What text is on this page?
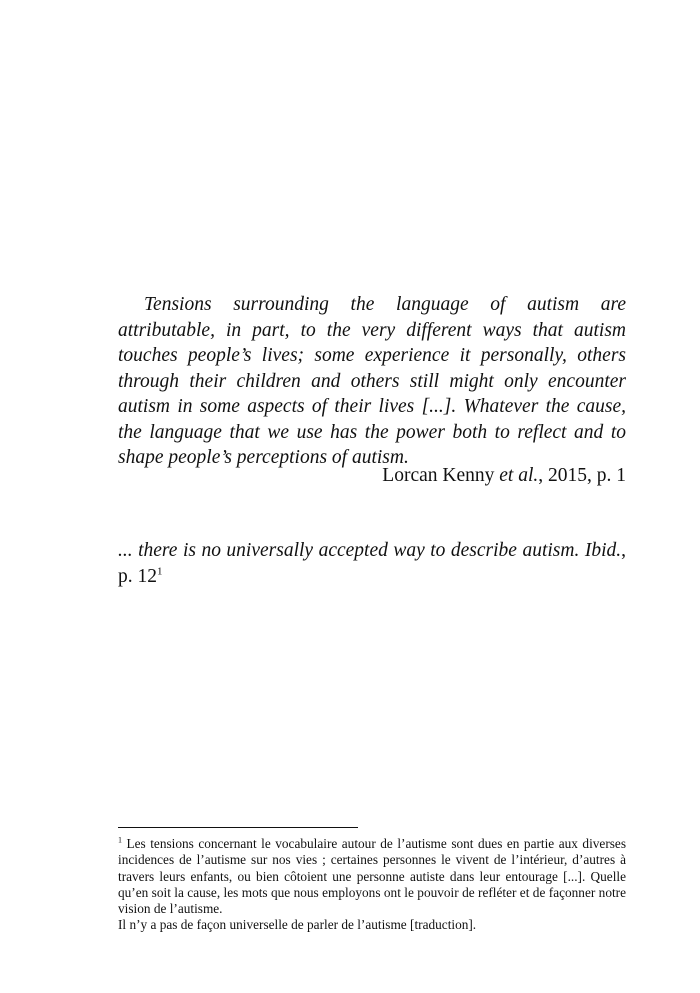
Tensions surrounding the language of autism are attributable, in part, to the very different ways that autism touches people’s lives; some experience it personally, others through their children and others still might only encounter autism in some aspects of their lives [...]. Whatever the cause, the language that we use has the power both to reflect and to shape people’s perceptions of autism.

Lorcan Kenny et al., 2015, p. 1

... there is no universally accepted way to describe autism. Ibid., p. $12^1$

$^1$ Les tensions concernant le vocabulaire autour de l’autisme sont dues en partie aux diverses incidences de l’autisme sur nos vies ; certaines personnes le vivent de l’intérieur, d’autres à travers leurs enfants, ou bien côtoient une personne autiste dans leur entourage [...]. Quelle qu’en soit la cause, les mots que nous employons ont le pouvoir de refléter et de façonner notre vision de l’autisme.

Il n’y a pas de façon universelle de parler de l’autisme [traduction].
